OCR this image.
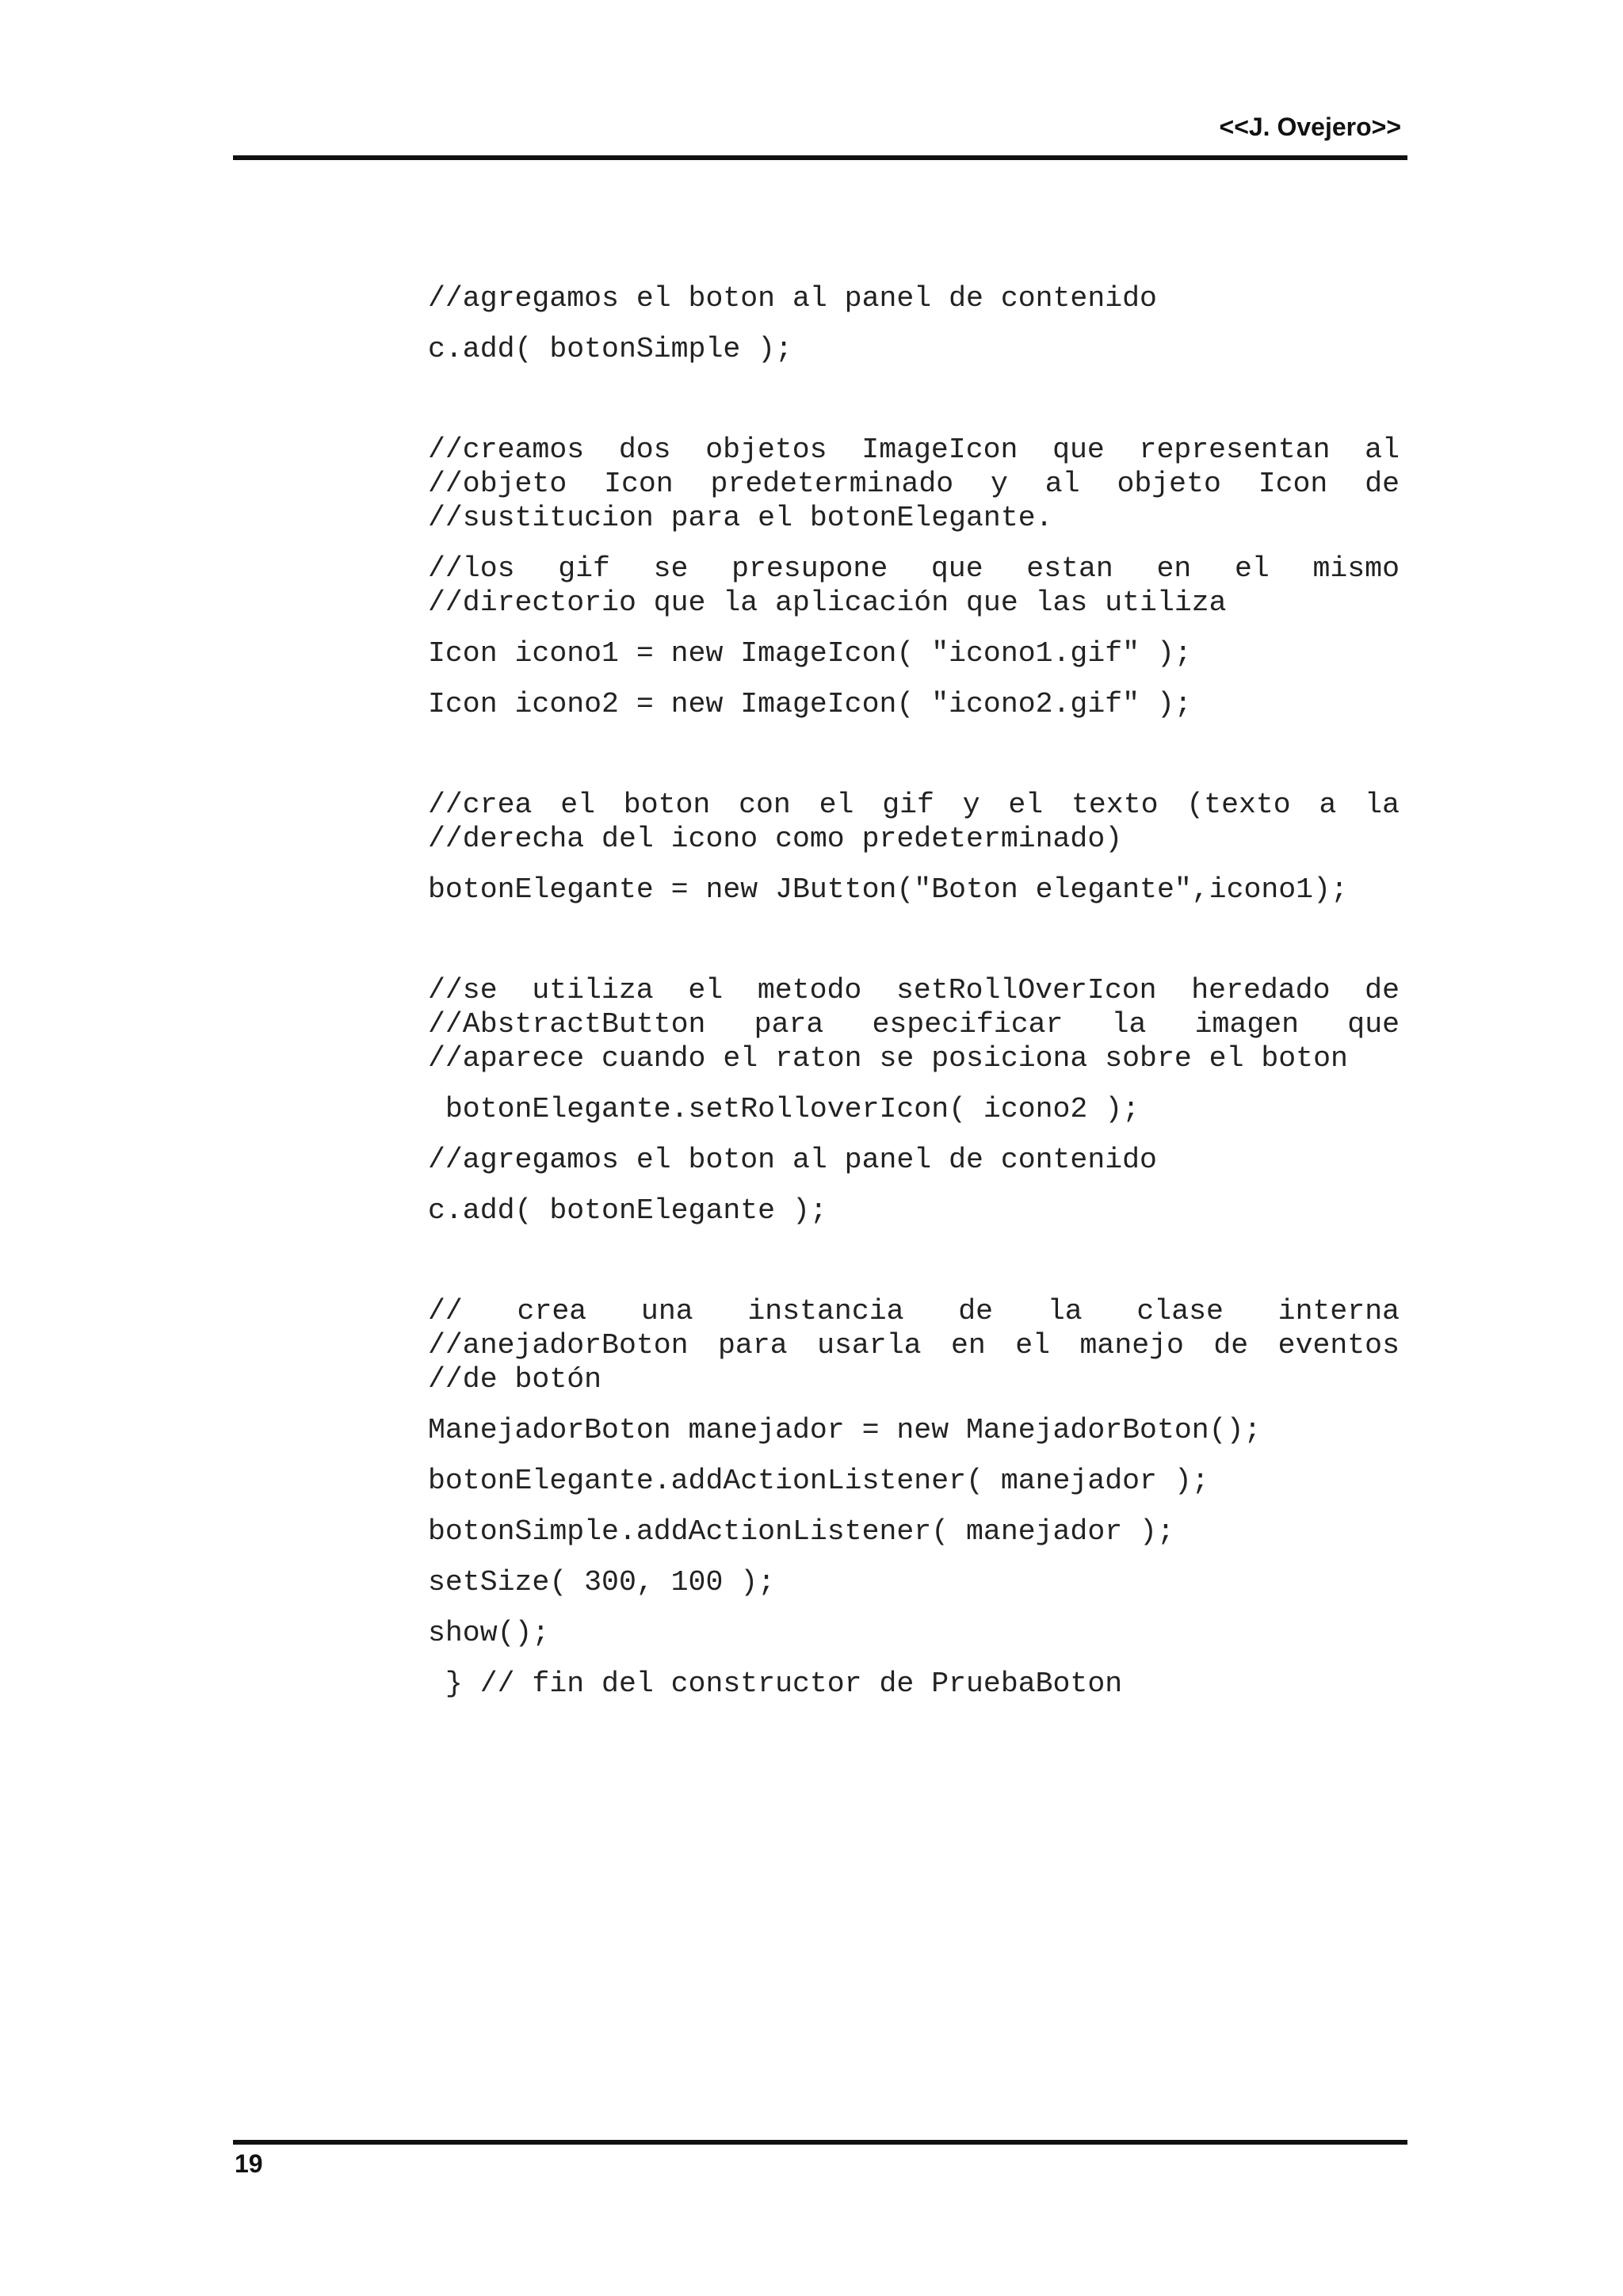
<<J. Ovejero>>
//agregamos el boton al panel de contenido
c.add( botonSimple );
//creamos dos objetos ImageIcon que representan al
//objeto Icon predeterminado y al objeto Icon de
//sustitucion para el botonElegante.
//los gif se presupone que estan en el mismo
//directorio que la aplicación que las utiliza
Icon icono1 = new ImageIcon( "icono1.gif" );
Icon icono2 = new ImageIcon( "icono2.gif" );
//crea el boton con el gif y el texto (texto a la
//derecha del icono como predeterminado)
botonElegante = new JButton("Boton elegante",icono1);
//se utiliza el metodo setRollOverIcon heredado de
//AbstractButton para especificar la imagen que
//aparece cuando el raton se posiciona sobre el boton
botonElegante.setRolloverIcon( icono2 );
//agregamos el boton al panel de contenido
c.add( botonElegante );
// crea una instancia de la clase interna
//anejadorBoton para usarla en el manejo de eventos
//de botón
ManejadorBoton manejador = new ManejadorBoton();
botonElegante.addActionListener( manejador );
botonSimple.addActionListener( manejador );
setSize( 300, 100 );
show();
} // fin del constructor de PruebaBoton
19
